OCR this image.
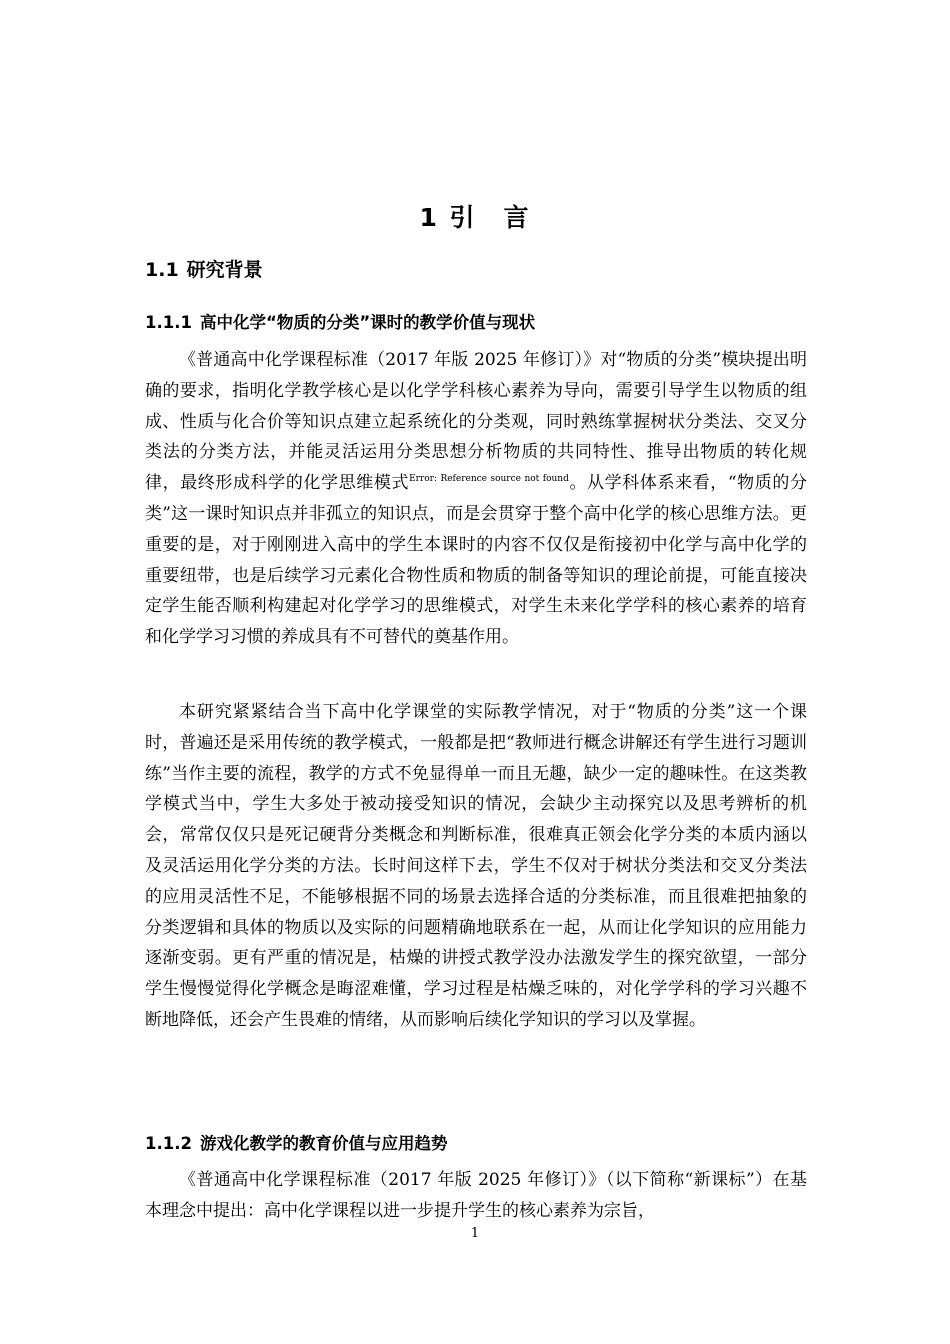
1 引　言
1.1 研究背景
1.1.1 高中化学“物质的分类”课时的教学价值与现状

《普通高中化学课程标准（2017 年版 2025 年修订）》对“物质的分类”模块提出明确的要求，指明化学教学核心是以化学学科核心素养为导向，需要引导学生以物质的组成、性质与化合价等知识点建立起系统化的分类观，同时熟练掌握树状分类法、交叉分类法的分类方法，并能灵活运用分类思想分析物质的共同特性、推导出物质的转化规律，最终形成科学的化学思维模式$^{Error: Reference source not found}$。从学科体系来看，“物质的分类”这一课时知识点并非孤立的知识点，而是会贯穿于整个高中化学的核心思维方法。更重要的是，对于刚刚进入高中的学生本课时的内容不仅仅是衔接初中化学与高中化学的重要纽带，也是后续学习元素化合物性质和物质的制备等知识的理论前提，可能直接决定学生能否顺利构建起对化学学习的思维模式，对学生未来化学学科的核心素养的培育和化学学习习惯的养成具有不可替代的奠基作用。

本研究紧紧结合当下高中化学课堂的实际教学情况，对于“物质的分类”这一个课时，普遍还是采用传统的教学模式，一般都是把“教师进行概念讲解还有学生进行习题训练”当作主要的流程，教学的方式不免显得单一而且无趣，缺少一定的趣味性。在这类教学模式当中，学生大多处于被动接受知识的情况，会缺少主动探究以及思考辨析的机会，常常仅仅只是死记硬背分类概念和判断标准，很难真正领会化学分类的本质内涵以及灵活运用化学分类的方法。长时间这样下去，学生不仅对于树状分类法和交叉分类法的应用灵活性不足，不能够根据不同的场景去选择合适的分类标准，而且很难把抽象的分类逻辑和具体的物质以及实际的问题精确地联系在一起，从而让化学知识的应用能力逐渐变弱。更有严重的情况是，枯燥的讲授式教学没办法激发学生的探究欲望，一部分学生慢慢觉得化学概念是晦涩难懂，学习过程是枯燥乏味的，对化学学科的学习兴趣不断地降低，还会产生畏难的情绪，从而影响后续化学知识的学习以及掌握。

1.1.2 游戏化教学的教育价值与应用趋势

《普通高中化学课程标准（2017 年版 2025 年修订）》（以下简称“新课标”）在基本理念中提出：高中化学课程以进一步提升学生的核心素养为宗旨，

1
